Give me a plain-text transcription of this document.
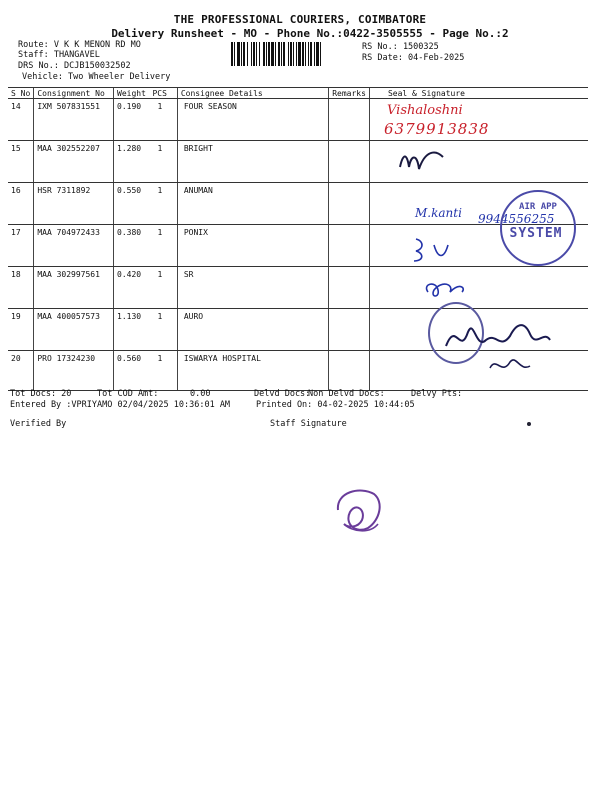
THE PROFESSIONAL COURIERS, COIMBATORE
Delivery Runsheet - MO - Phone No.:0422-3505555 - Page No.:2
Route: V K K MENON RD MO
Staff: THANGAVEL
DRS No.: DCJB150032502
Vehicle: Two Wheeler Delivery
RS No.: 1500325
RS Date: 04-Feb-2025
S No	Consignment No	Weight	PCS	Consignee Details	Remarks	Seal & Signature
14	IXM 507831551	0.190	1	FOUR SEASON		
15	MAA 302552207	1.280	1	BRIGHT		
16	HSR 7311892	0.550	1	ANUMAN		
17	MAA 704972433	0.380	1	PONIX		
18	MAA 302997561	0.420	1	SR		
19	MAA 400057573	1.130	1	AURO		
20	PRO 17324230	0.560	1	ISWARYA HOSPITAL		
Vishaloshni
6379913838
M.kanti 9944556255
AIR APP
SYSTEM
Tot Docs: 20	Tot COD Amt:	0.00	Delvd Docs:
Non Delvd Docs:	Delvy Pts:
Entered By :VPRIYAMO 02/04/2025 10:36:01 AM	Printed On: 04-02-2025 10:44:05
Verified By	Staff Signature
